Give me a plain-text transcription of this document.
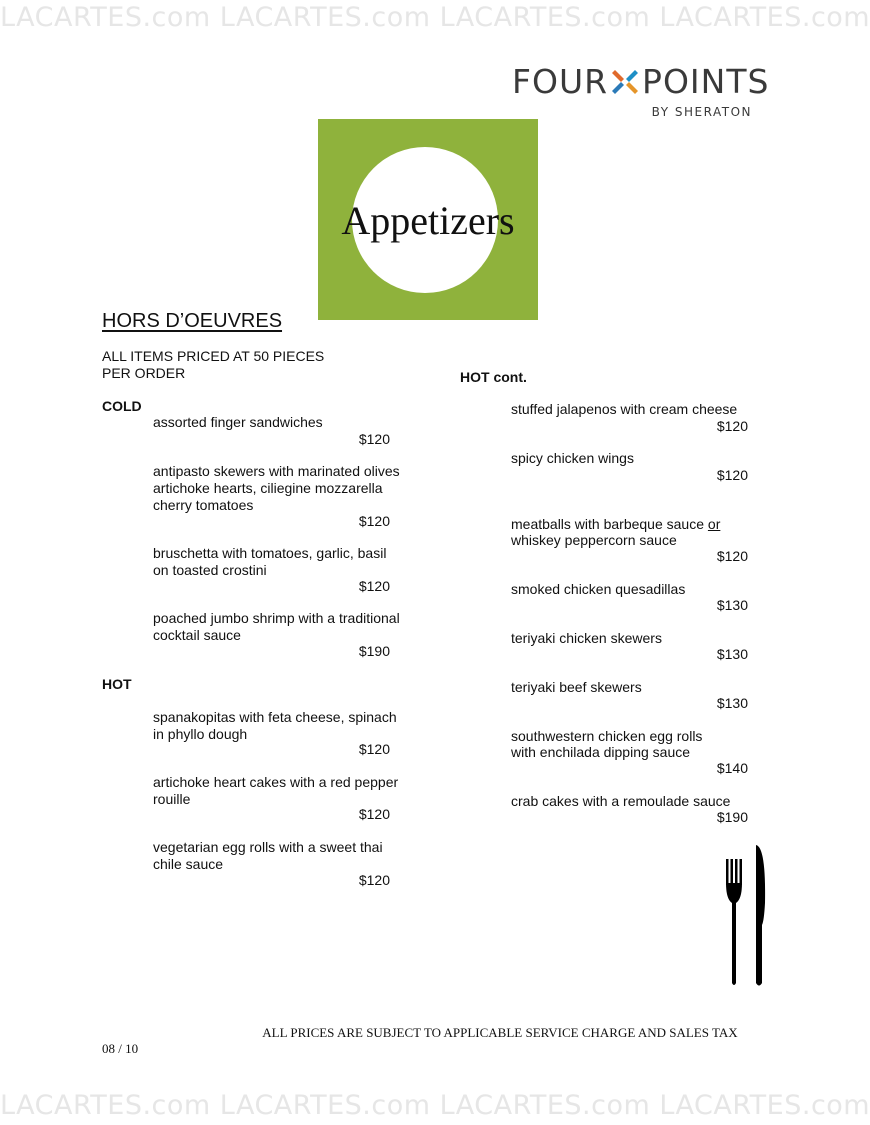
LACARTES.com LACARTES.com LACARTES.com LACARTES.com
LACARTES.com LACARTES.com LACARTES.com LACARTES.com
FOUR POINTS
BY SHERATON
Appetizers
HORS D’OEUVRES
ALL ITEMS PRICED AT 50 PIECES
PER ORDER
COLD
assorted finger sandwiches
$120
antipasto skewers with marinated olives
artichoke hearts, ciliegine mozzarella
cherry tomatoes
$120
bruschetta with tomatoes, garlic, basil
on toasted crostini
$120
poached jumbo shrimp with a traditional
cocktail sauce
$190
HOT
spanakopitas with feta cheese, spinach
in phyllo dough
$120
artichoke heart cakes with a red pepper
rouille
$120
vegetarian egg rolls with a sweet thai
chile sauce
$120
HOT cont.
stuffed jalapenos with cream cheese
$120
spicy chicken wings
$120
meatballs with barbeque sauce or
whiskey peppercorn sauce
$120
smoked chicken quesadillas
$130
teriyaki chicken skewers
$130
teriyaki beef skewers
$130
southwestern chicken egg rolls
with enchilada dipping sauce
$140
crab cakes with a remoulade sauce
$190
ALL PRICES ARE SUBJECT TO APPLICABLE SERVICE CHARGE AND SALES TAX
08 / 10
